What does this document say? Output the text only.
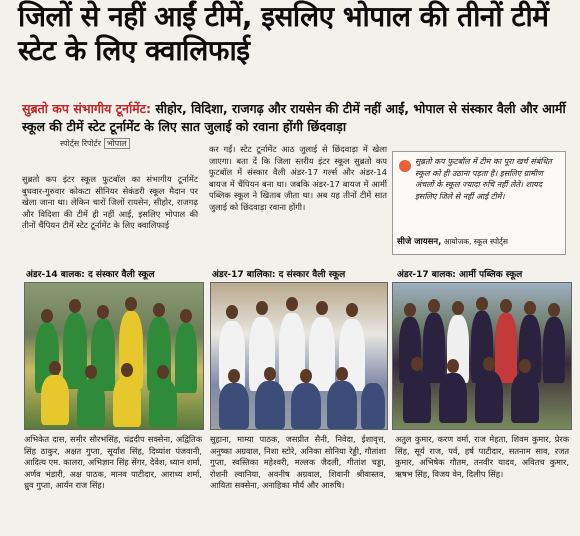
जिलों से नहीं आईं टीमें, इसलिए भोपाल की तीनों टीमें स्टेट के लिए क्वालिफाई
सुब्रतो कप संभागीय टूर्नामेंट: सीहोर, विदिशा, राजगढ़ और रायसेन की टीमें नहीं आईं, भोपाल से संस्कार वैली और आर्मी स्कूल की टीमें स्टेट टूर्नामेंट के लिए सात जुलाई को रवाना होंगी छिंदवाड़ा
स्पोर्ट्स रिपोर्टर भोपाल
सुब्रतो कप इंटर स्कूल फुटबॉल का संभागीय टूर्नामेंट बुधवार-गुरुवार कोकटा सीनियर सेकंडरी स्कूल मैदान पर खेला जाना था। लेकिन चारों जिलों रायसेन, सीहोर, राजगढ़ और विदिशा की टीमें ही नहीं आईं, इसलिए भोपाल की तीनों चैंपियन टीमें स्टेट टूर्नामेंट के लिए क्वालिफाई
कर गईं। स्टेट टूर्नामेंट आठ जुलाई से छिंदवाड़ा में खेला जाएगा। बता दें कि जिला स्तरीय इंटर स्कूल सुब्रतो कप फुटबॉल में संस्कार वैली अंडर-17 गर्ल्स और अंडर-14 बायज में चैंपियन बना था। जबकि अंडर-17 बायज में आर्मी पब्लिक स्कूल ने खिताब जीता था। अब यह तीनों टीमें सात जुलाई को छिंदवाड़ा रवाना होंगी।
सुब्रतो कप फुटबॉल में टीम का पूरा खर्च संबंधित स्कूल को ही उठाना पड़ता है। इसलिए ग्रामीण अंचलों के स्कूल ज्यादा रुचि नहीं लेते। शायद इसलिए जिले से नहीं आईं टीमें।
सीजे जायसन, आयोजक, स्कूल स्पोर्ट्स
अंडर-14 बालक: द संस्कार वैली स्कूल	अंडर-17 बालिका: द संस्कार वैली स्कूल	अंडर-17 बालक: आर्मी पब्लिक स्कूल
अभिकेत दास, समीर सौरभसिंह, चंद्रदीप सक्सेना, अद्वितिक सिंह ठाकुर, अक्षत गुप्ता, सूर्यांश सिंह, दिव्यांश पंजवानी, आदित्य एम. कालरा, अभिज्ञान सिंह सेंगर, देवेश, ध्यान शर्मा, अर्णव भंडारी, अक्ष पाठक, मानव पाटीदार, आराध्य शर्मा, ध्रुव गुप्ता, आर्यन राज सिंह।
सुहाना, माम्या पाठक, जसप्रीत सैनी, निवेदा, ईशावृत्त, अनुष्का अग्रवाल, निशा स्टोरे, अनिका सोनिया रेड्डी, गौतांशा गुप्ता, स्वस्तिका महेश्वरी, मल्लक जैदली, गीतांश चड्डा, रोशनी ल्वानिया, अवनीष अग्रवाल, शिवानी श्रीवास्तव, आयिता सक्सेना, अनाहिका मौर्य और आरुषि।
अतुल कुमार, करण वर्मा, राज मेहता, शिवम कुमार, प्रेरक सिंह, सूर्य राज, पर्व, हर्ष पाटीदार, सतनाम साव, रजत कुमार, अभिषेक गौतम, तनवीर यादव, अवितच कुमार, ऋषभ सिंह, विजय वेन, दिलीप सिंह।
